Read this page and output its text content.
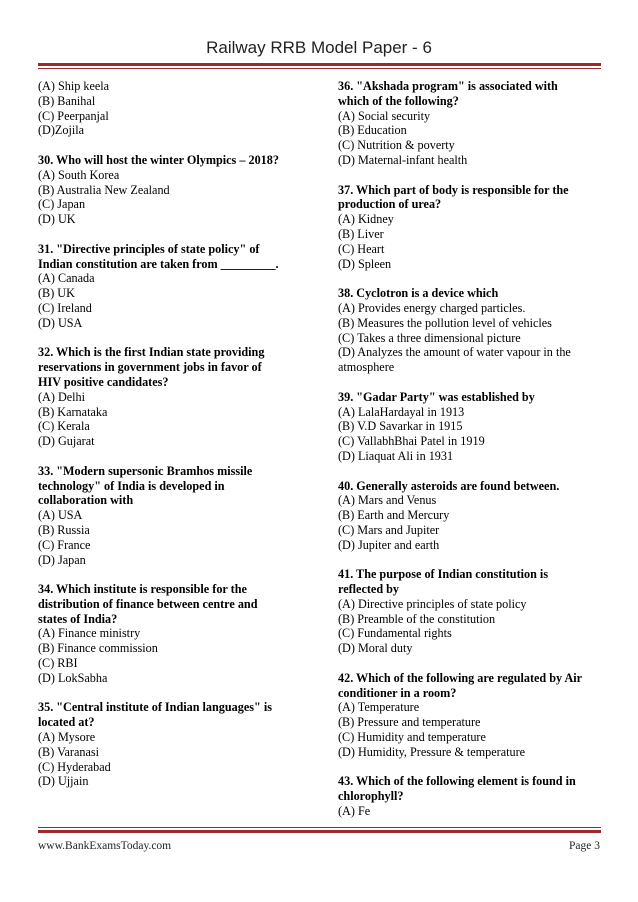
Railway RRB Model Paper - 6
(A) Ship keela
(B) Banihal
(C) Peerpanjal
(D)Zojila
30. Who will host the winter Olympics – 2018?
(A) South Korea
(B) Australia New Zealand
(C) Japan
(D) UK
31. "Directive principles of state policy" of
Indian constitution are taken from _________.
(A) Canada
(B) UK
(C) Ireland
(D) USA
32. Which is the first Indian state providing
reservations in government jobs in favor of
HIV positive candidates?
(A) Delhi
(B) Karnataka
(C) Kerala
(D) Gujarat
33. "Modern supersonic Bramhos missile
technology" of India is developed in
collaboration with
(A) USA
(B) Russia
(C) France
(D) Japan
34. Which institute is responsible for the
distribution of finance between centre and
states of India?
(A) Finance ministry
(B) Finance commission
(C) RBI
(D) LokSabha
35. "Central institute of Indian languages" is
located at?
(A) Mysore
(B) Varanasi
(C) Hyderabad
(D) Ujjain
36. "Akshada program" is associated with
which of the following?
(A) Social security
(B) Education
(C) Nutrition & poverty
(D) Maternal-infant health
37. Which part of body is responsible for the
production of urea?
(A) Kidney
(B) Liver
(C) Heart
(D) Spleen
38. Cyclotron is a device which
(A) Provides energy charged particles.
(B) Measures the pollution level of vehicles
(C) Takes a three dimensional picture
(D) Analyzes the amount of water vapour in the
atmosphere
39. "Gadar Party" was established by
(A) LalaHardayal in 1913
(B) V.D Savarkar in 1915
(C) VallabhBhai Patel in 1919
(D) Liaquat Ali in 1931
40. Generally asteroids are found between.
(A) Mars and Venus
(B) Earth and Mercury
(C) Mars and Jupiter
(D) Jupiter and earth
41. The purpose of Indian constitution is
reflected by
(A) Directive principles of state policy
(B) Preamble of the constitution
(C) Fundamental rights
(D) Moral duty
42. Which of the following are regulated by Air
conditioner in a room?
(A) Temperature
(B) Pressure and temperature
(C) Humidity and temperature
(D) Humidity, Pressure & temperature
43. Which of the following element is found in
chlorophyll?
(A) Fe
www.BankExamsToday.com	Page 3
